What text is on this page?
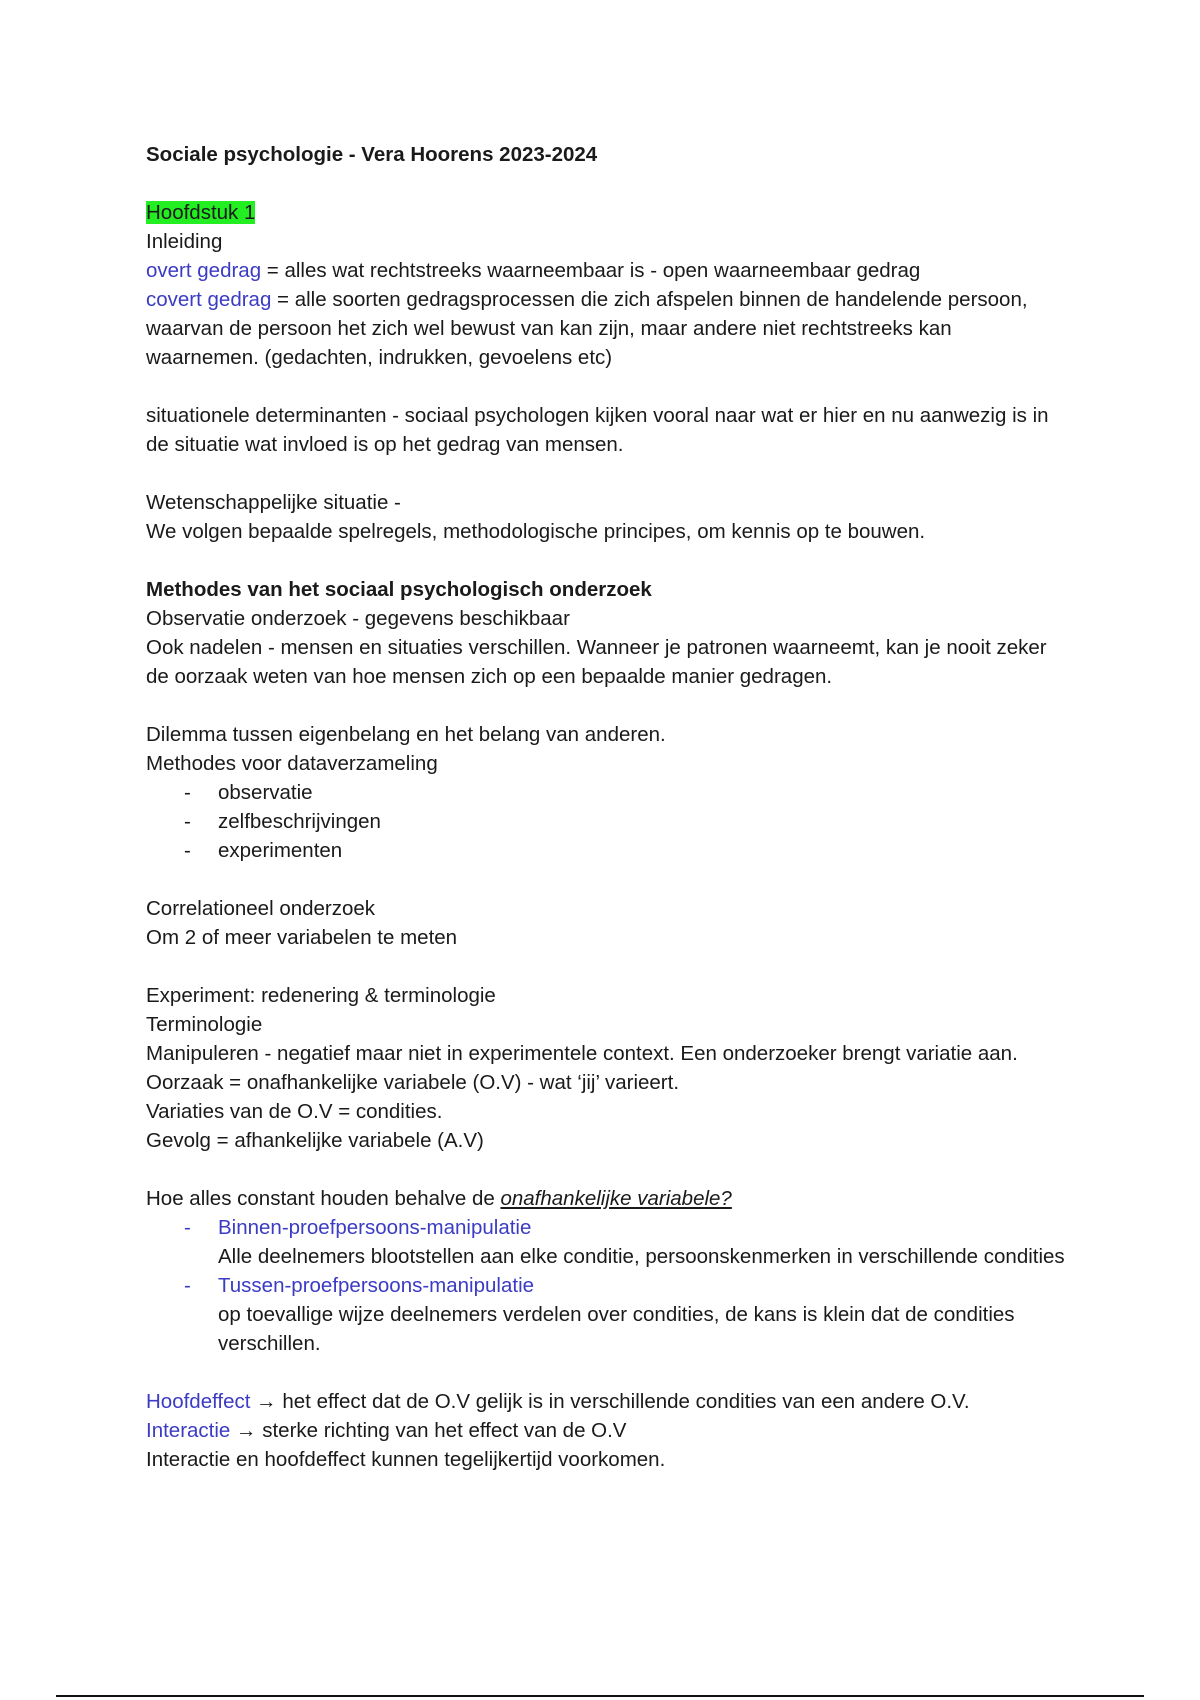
Sociale psychologie - Vera Hoorens 2023-2024
Hoofdstuk 1
Inleiding
overt gedrag = alles wat rechtstreeks waarneembaar is - open waarneembaar gedrag
covert gedrag = alle soorten gedragsprocessen die zich afspelen binnen de handelende persoon, waarvan de persoon het zich wel bewust van kan zijn, maar andere niet rechtstreeks kan waarnemen. (gedachten, indrukken, gevoelens etc)
situationele determinanten - sociaal psychologen kijken vooral naar wat er hier en nu aanwezig is in de situatie wat invloed is op het gedrag van mensen.
Wetenschappelijke situatie -
We volgen bepaalde spelregels, methodologische principes, om kennis op te bouwen.
Methodes van het sociaal psychologisch onderzoek
Observatie onderzoek - gegevens beschikbaar
Ook nadelen - mensen en situaties verschillen. Wanneer je patronen waarneemt, kan je nooit zeker de oorzaak weten van hoe mensen zich op een bepaalde manier gedragen.
Dilemma tussen eigenbelang en het belang van anderen.
Methodes voor dataverzameling
-	observatie
-	zelfbeschrijvingen
-	experimenten
Correlationeel onderzoek
Om 2 of meer variabelen te meten
Experiment: redenering & terminologie
Terminologie
Manipuleren - negatief maar niet in experimentele context. Een onderzoeker brengt variatie aan.
Oorzaak = onafhankelijke variabele (O.V) - wat ‘jij’ varieert.
Variaties van de O.V = condities.
Gevolg = afhankelijke variabele (A.V)
Hoe alles constant houden behalve de onafhankelijke variabele?
-	Binnen-proefpersoons-manipulatie
Alle deelnemers blootstellen aan elke conditie, persoonskenmerken in verschillende condities
-	Tussen-proefpersoons-manipulatie
op toevallige wijze deelnemers verdelen over condities, de kans is klein dat de condities verschillen.
Hoofdeffect → het effect dat de O.V gelijk is in verschillende condities van een andere O.V.
Interactie → sterke richting van het effect van de O.V
Interactie en hoofdeffect kunnen tegelijkertijd voorkomen.
